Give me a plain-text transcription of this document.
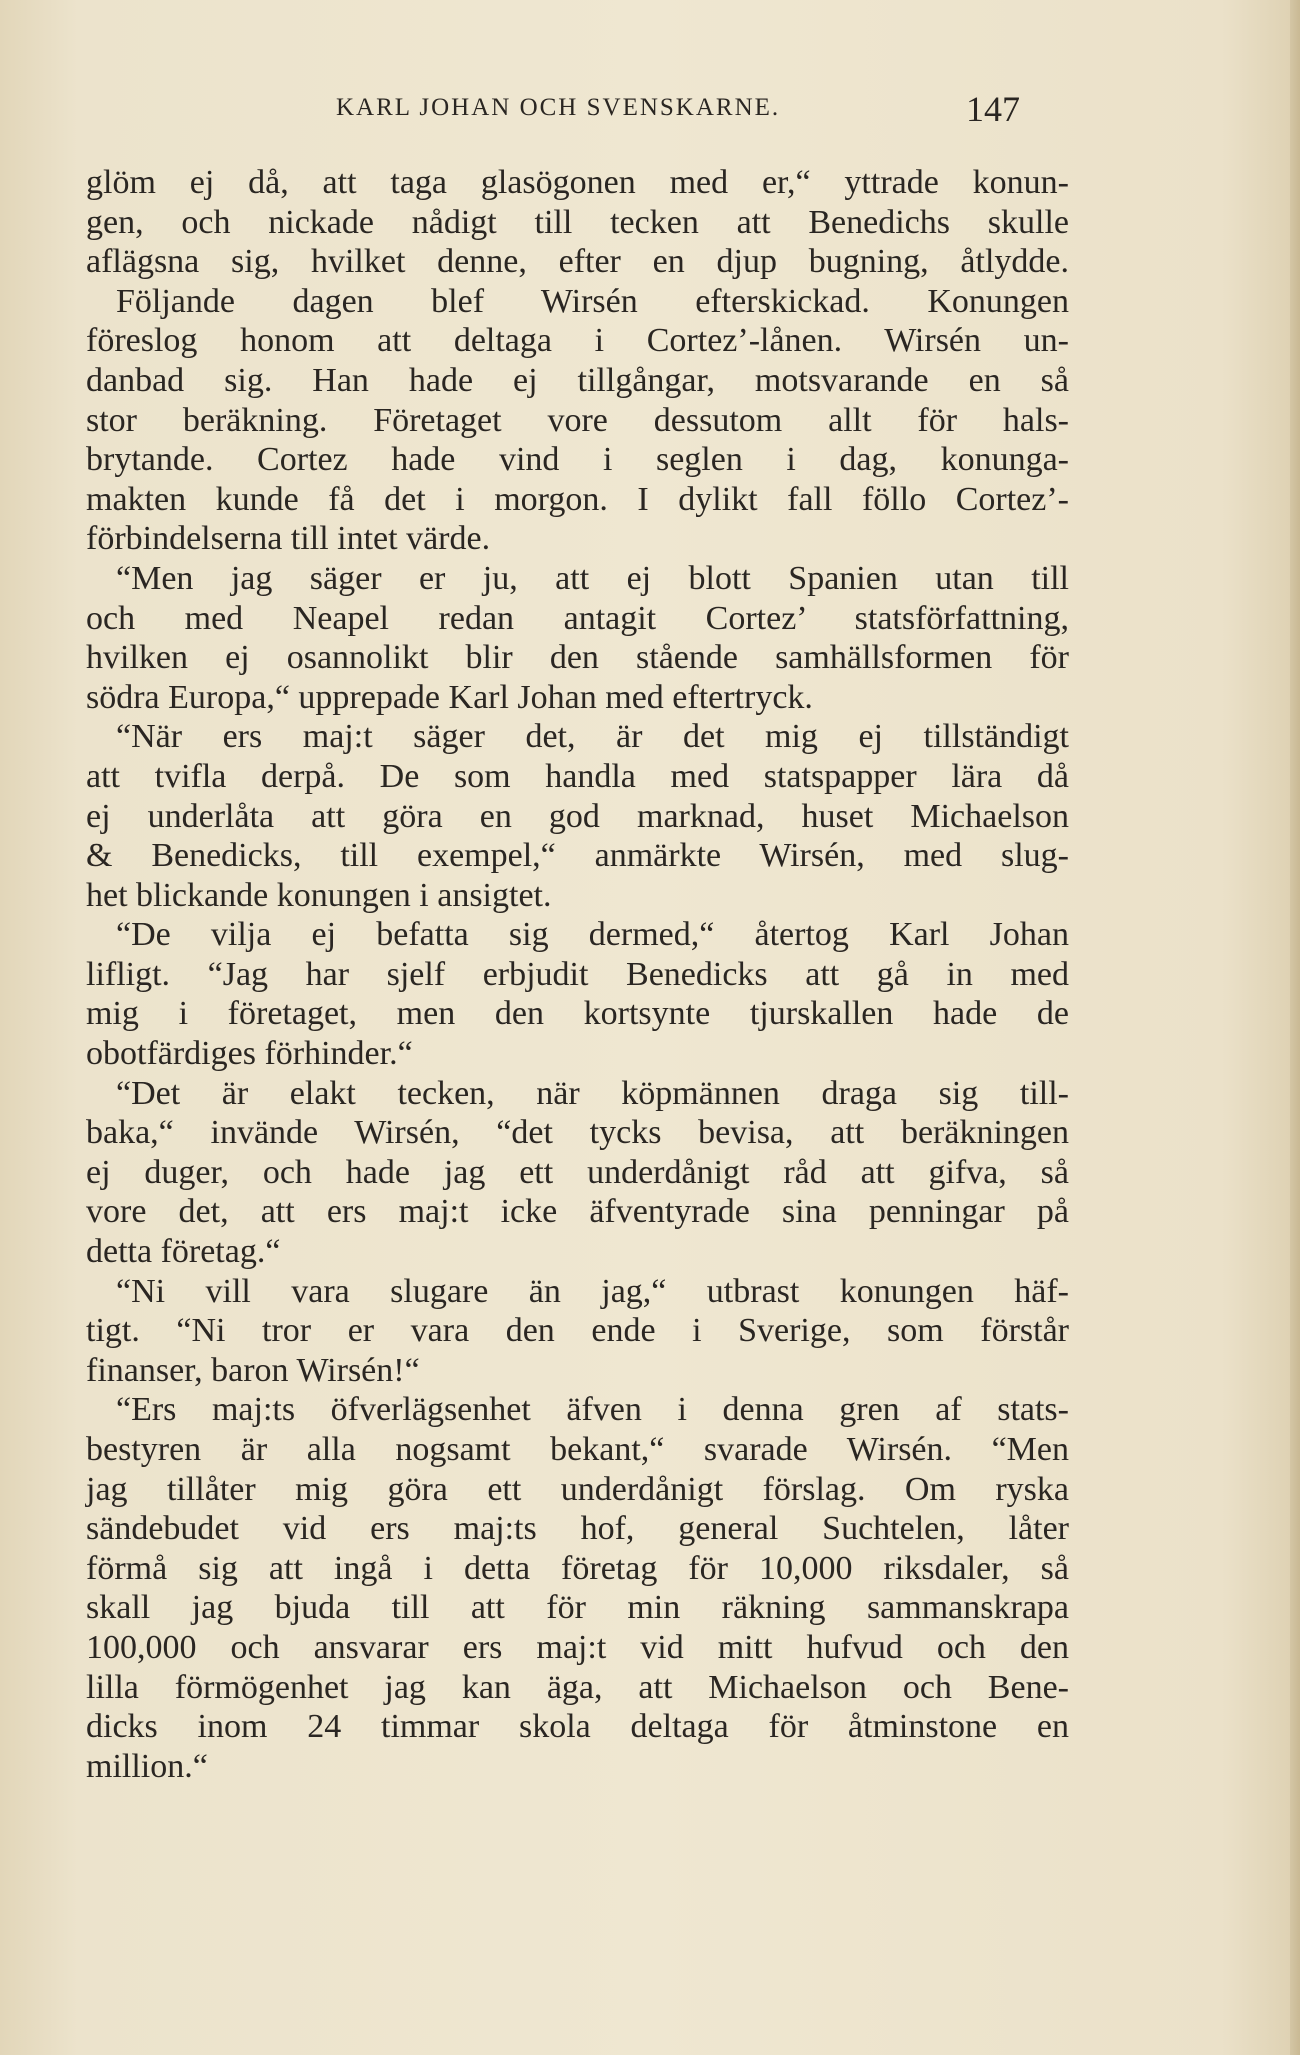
KARL JOHAN OCH SVENSKARNE.	147
glöm ej då, att taga glasögonen med er,“ yttrade konun-
gen, och nickade nådigt till tecken att Benedichs skulle
aflägsna sig, hvilket denne, efter en djup bugning, åtlydde.
Följande dagen blef Wirsén efterskickad. Konungen
föreslog honom att deltaga i Cortez’-lånen. Wirsén un-
danbad sig. Han hade ej tillgångar, motsvarande en så
stor beräkning. Företaget vore dessutom allt för hals-
brytande. Cortez hade vind i seglen i dag, konunga-
makten kunde få det i morgon. I dylikt fall föllo Cortez’-
förbindelserna till intet värde.
“Men jag säger er ju, att ej blott Spanien utan till
och med Neapel redan antagit Cortez’ statsförfattning,
hvilken ej osannolikt blir den stående samhällsformen för
södra Europa,“ upprepade Karl Johan med eftertryck.
“När ers maj:t säger det, är det mig ej tillständigt
att tvifla derpå. De som handla med statspapper lära då
ej underlåta att göra en god marknad, huset Michaelson
& Benedicks, till exempel,“ anmärkte Wirsén, med slug-
het blickande konungen i ansigtet.
“De vilja ej befatta sig dermed,“ återtog Karl Johan
lifligt. “Jag har sjelf erbjudit Benedicks att gå in med
mig i företaget, men den kortsynte tjurskallen hade de
obotfärdiges förhinder.“
“Det är elakt tecken, när köpmännen draga sig till-
baka,“ invände Wirsén, “det tycks bevisa, att beräkningen
ej duger, och hade jag ett underdånigt råd att gifva, så
vore det, att ers maj:t icke äfventyrade sina penningar på
detta företag.“
“Ni vill vara slugare än jag,“ utbrast konungen häf-
tigt. “Ni tror er vara den ende i Sverige, som förstår
finanser, baron Wirsén!“
“Ers maj:ts öfverlägsenhet äfven i denna gren af stats-
bestyren är alla nogsamt bekant,“ svarade Wirsén. “Men
jag tillåter mig göra ett underdånigt förslag. Om ryska
sändebudet vid ers maj:ts hof, general Suchtelen, låter
förmå sig att ingå i detta företag för 10,000 riksdaler, så
skall jag bjuda till att för min räkning sammanskrapa
100,000 och ansvarar ers maj:t vid mitt hufvud och den
lilla förmögenhet jag kan äga, att Michaelson och Bene-
dicks inom 24 timmar skola deltaga för åtminstone en
million.“
